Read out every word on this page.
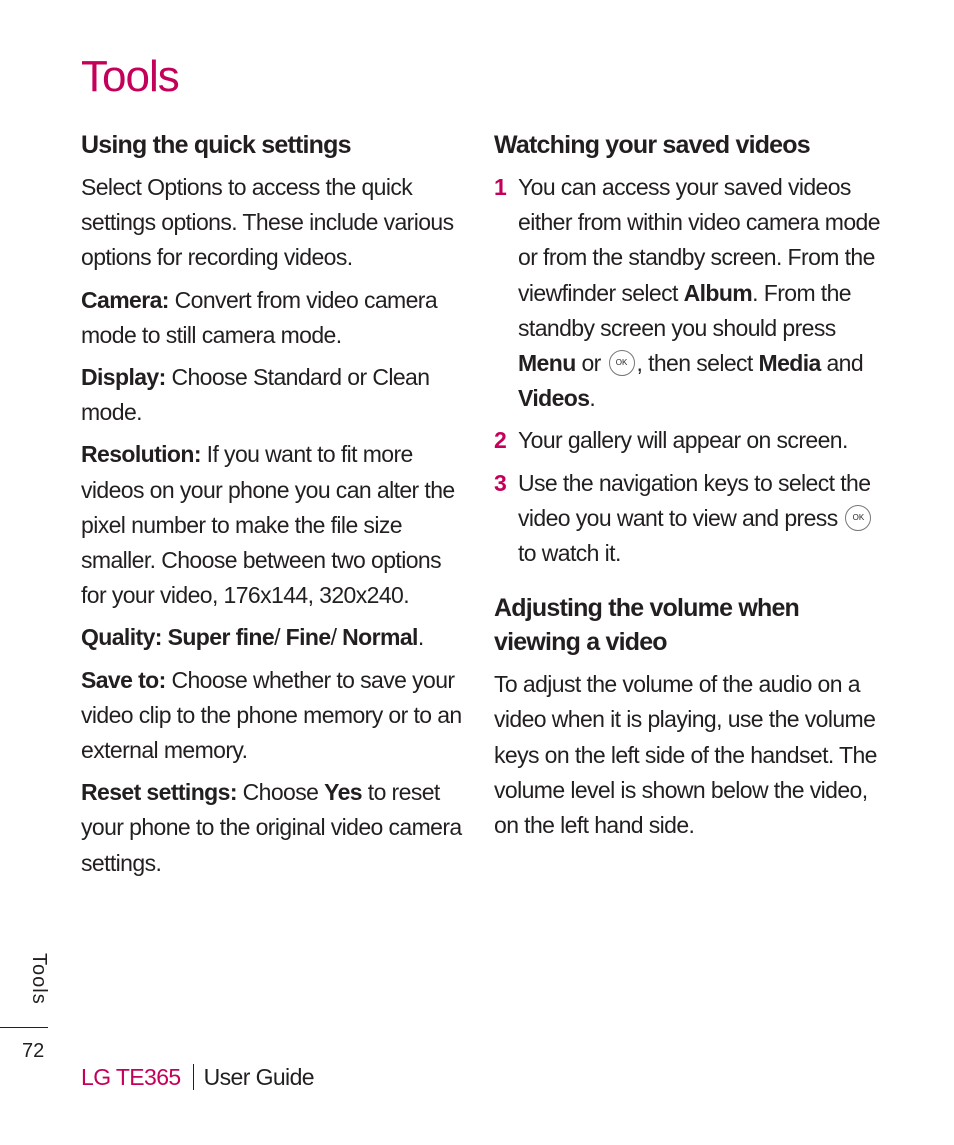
Tools
Using the quick settings

Select Options to access the quick settings options. These include various options for recording videos.

Camera: Convert from video camera mode to still camera mode.

Display: Choose Standard or Clean mode.

Resolution: If you want to fit more videos on your phone you can alter the pixel number to make the file size smaller. Choose between two options for your video, 176x144, 320x240.

Quality: Super fine/ Fine/ Normal.

Save to: Choose whether to save your video clip to the phone memory or to an external memory.

Reset settings: Choose Yes to reset your phone to the original video camera settings.

Watching your saved videos
1 You can access your saved videos either from within video camera mode or from the standby screen. From the viewfinder select Album. From the standby screen you should press Menu or OK , then select Media and Videos.
2 Your gallery will appear on screen.
3 Use the navigation keys to select the video you want to view and press OK to watch it.
Adjusting the volume when viewing a video

To adjust the volume of the audio on a video when it is playing, use the volume keys on the left side of the handset. The volume level is shown below the video, on the left hand side.

Tools
72
LG TE365 User Guide
